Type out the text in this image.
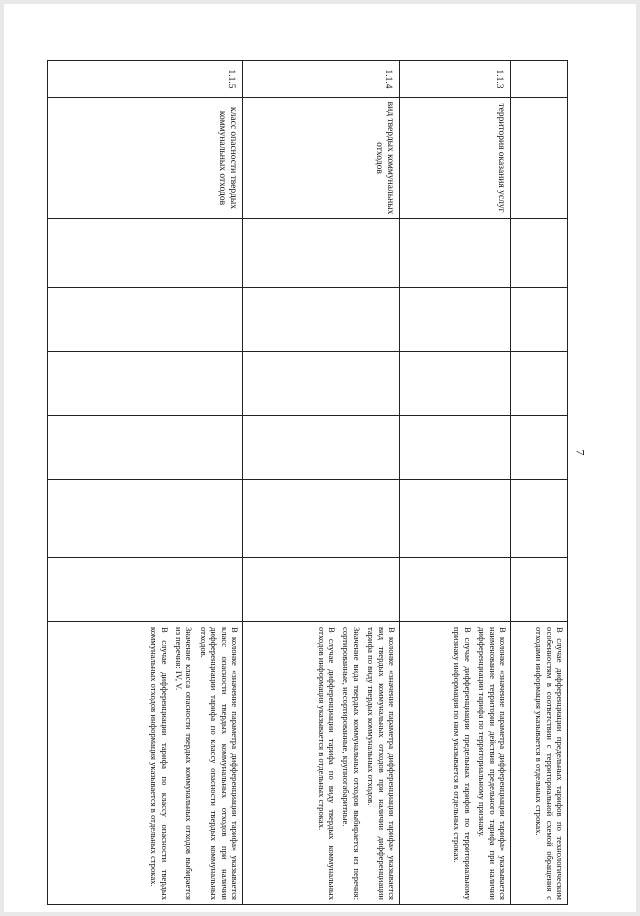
7

								В случае дифференциации предельных тарифов по технологическим особенностям в соответствии с территориальной схемой обращения с отходами информация указывается в отдельных строках.

1.1.3	территория оказания услуг							В колонке «значение параметра дифференциации тарифа» указывается наименование территории действия предельного тарифа при наличии дифференциации тарифа по территориальному признаку.

В случае дифференциации предельных тарифов по территориальному признаку информация по ним указывается в отдельных строках.

1.1.4	вид твердых коммунальных отходов							В колонке «значение параметра дифференциации тарифа» указывается вид твердых коммунальных отходов при наличии дифференциации тарифа по виду твердых коммунальных отходов.

Значение вида твердых коммунальных отходов выбирается из перечня: сортированные, несортированные, крупногабаритные.

В случае дифференциации тарифа по виду твердых коммунальных отходов информация указывается в отдельных строках.

1.1.5	класс опасности твердых коммунальных отходов							В колонке «значение параметра дифференциации тарифа» указывается класс опасности твердых коммунальных отходов при наличии дифференциации тарифа по классу опасности твердых коммунальных отходов.

Значение класса опасности твердых коммунальных отходов выбирается из перечня: IV, V.

В случае дифференциации тарифа по классу опасности твердых коммунальных отходов информация указывается в отдельных строках.
